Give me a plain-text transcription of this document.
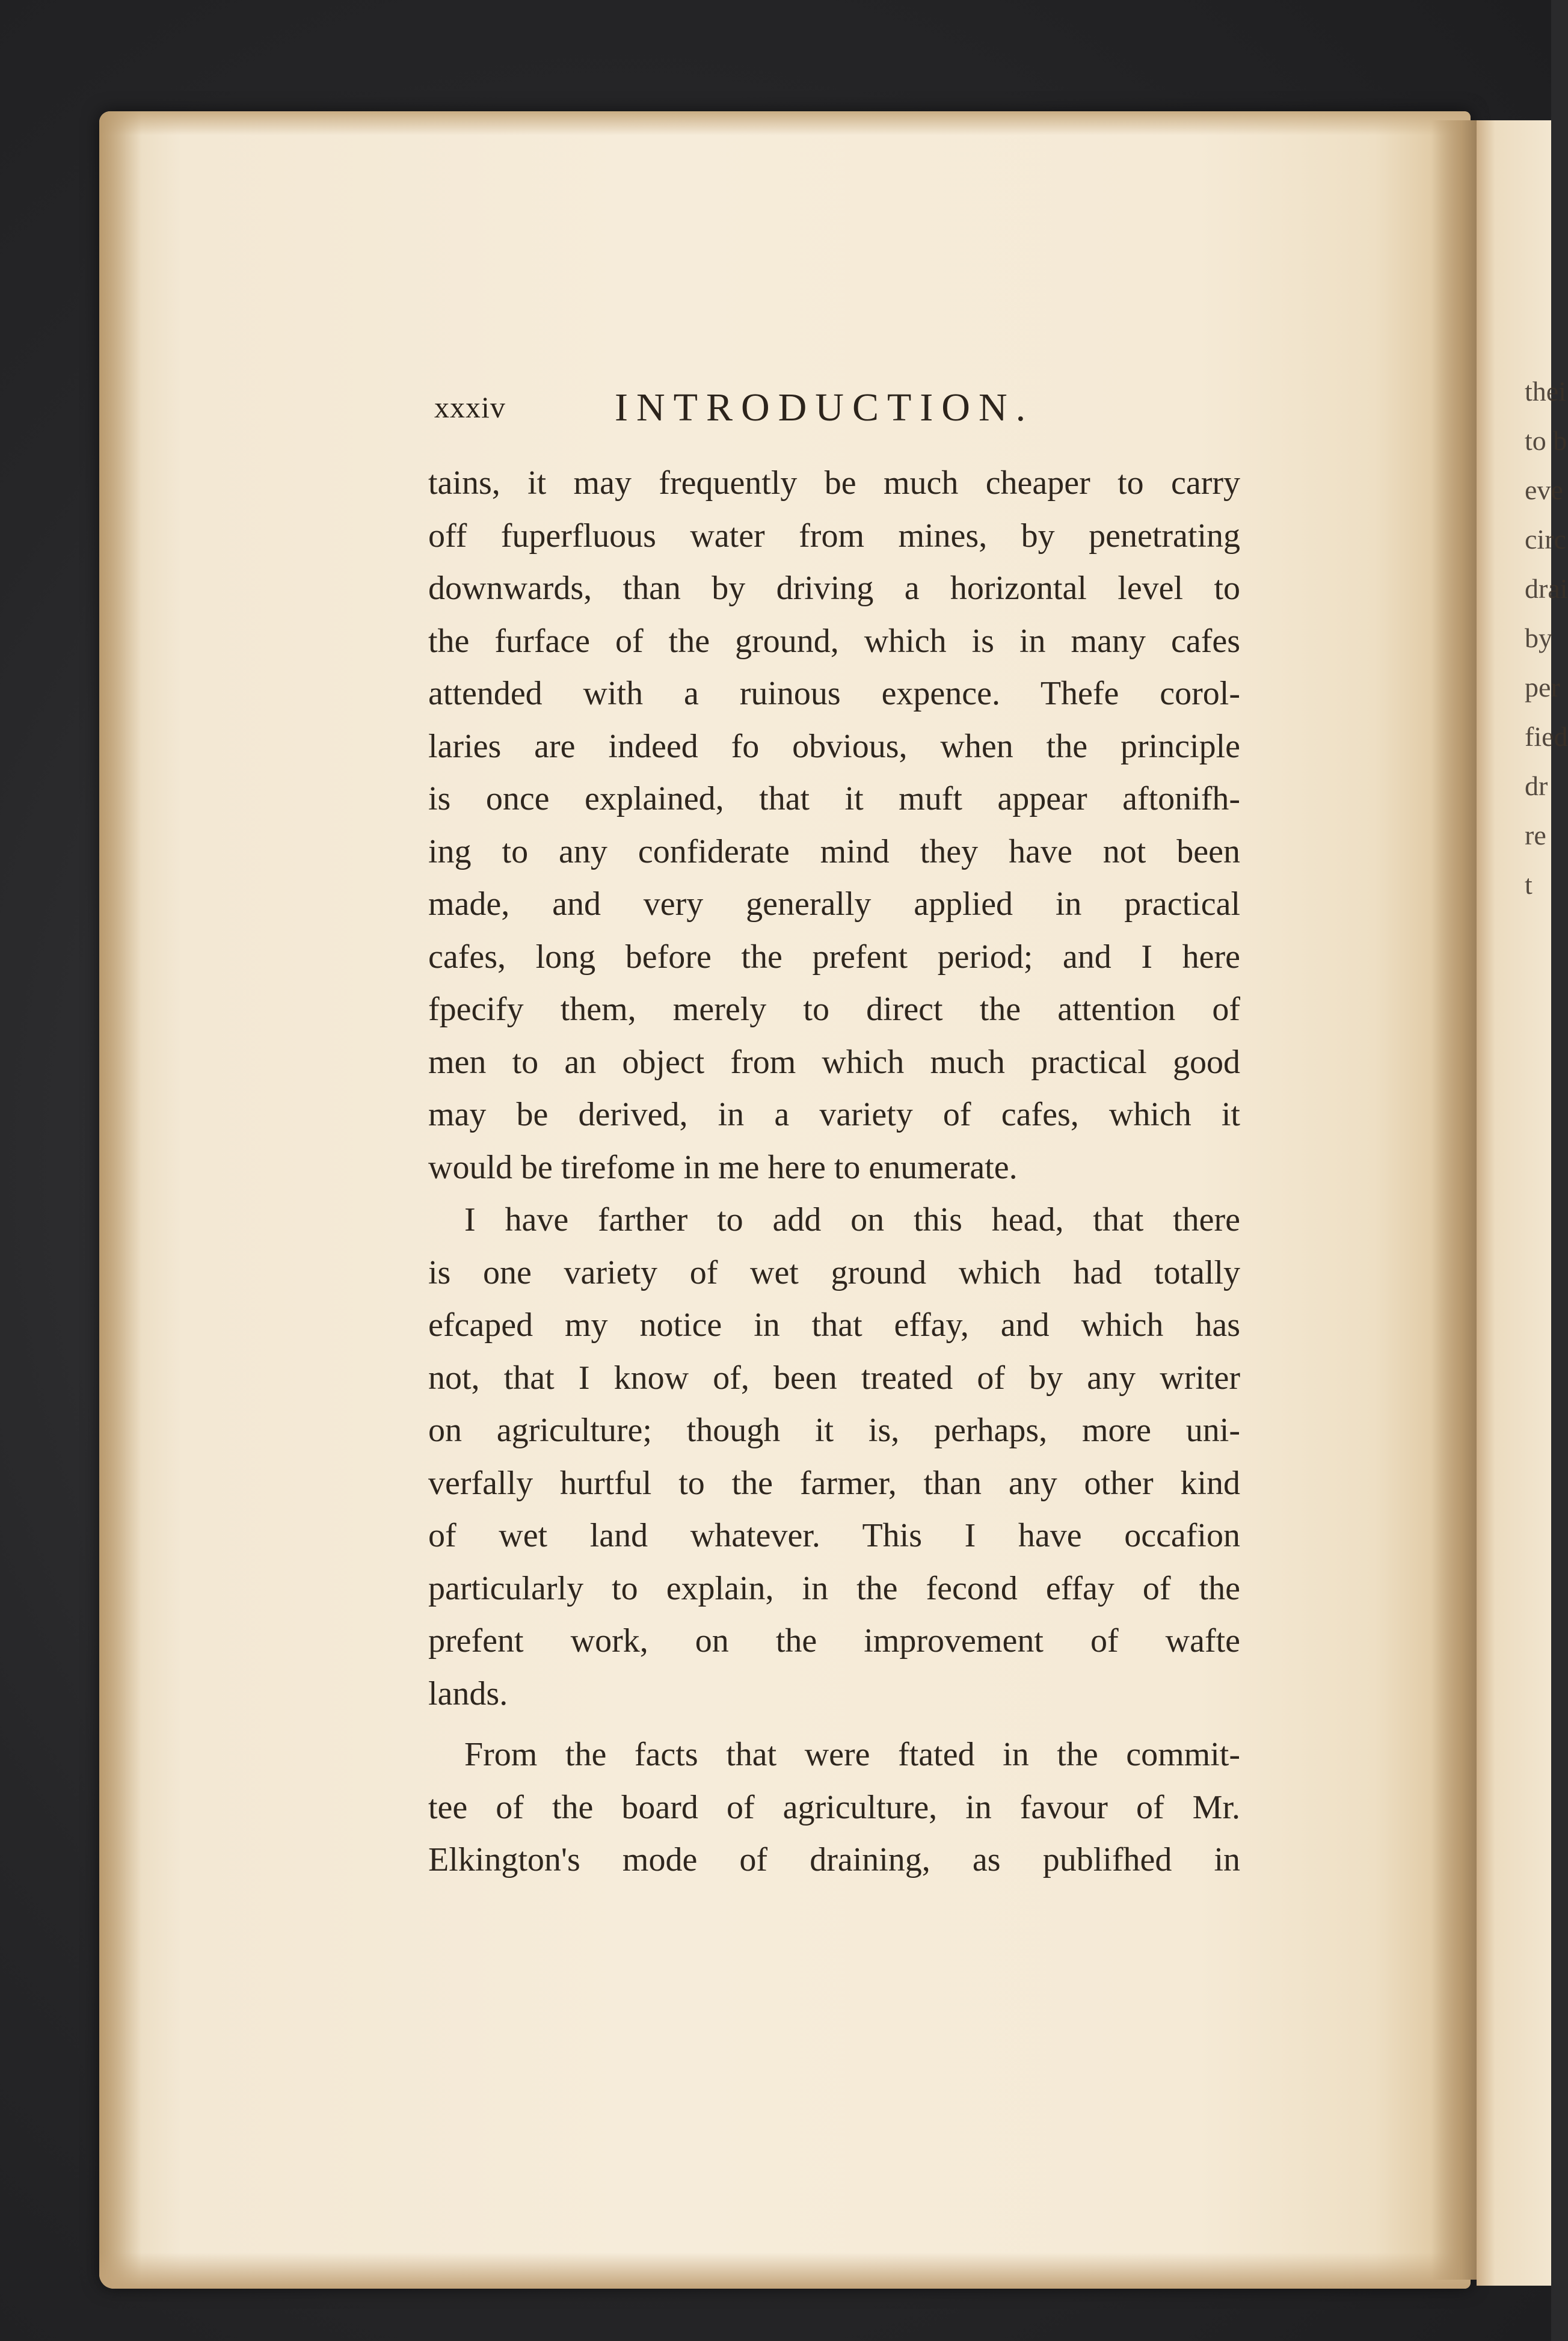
thei
to b
eve
circ
drai
by
per
fied
dr
re
t
xxxiv	INTRODUCTION.
tains, it may frequently be much cheaper to carry
off fuperfluous water from mines, by penetrating
downwards, than by driving a horizontal level to
the furface of the ground, which is in many cafes
attended with a ruinous expence. Thefe corol-
laries are indeed fo obvious, when the principle
is once explained, that it muft appear aftonifh-
ing to any confiderate mind they have not been
made, and very generally applied in practical
cafes, long before the prefent period; and I here
fpecify them, merely to direct the attention of
men to an object from which much practical good
may be derived, in a variety of cafes, which it
would be tirefome in me here to enumerate.
I have farther to add on this head, that there
is one variety of wet ground which had totally
efcaped my notice in that effay, and which has
not, that I know of, been treated of by any writer
on agriculture; though it is, perhaps, more uni-
verfally hurtful to the farmer, than any other kind
of wet land whatever. This I have occafion
particularly to explain, in the fecond effay of the
prefent work, on the improvement of wafte
lands.
From the facts that were ftated in the commit-
tee of the board of agriculture, in favour of Mr.
Elkington's mode of draining, as publifhed in
